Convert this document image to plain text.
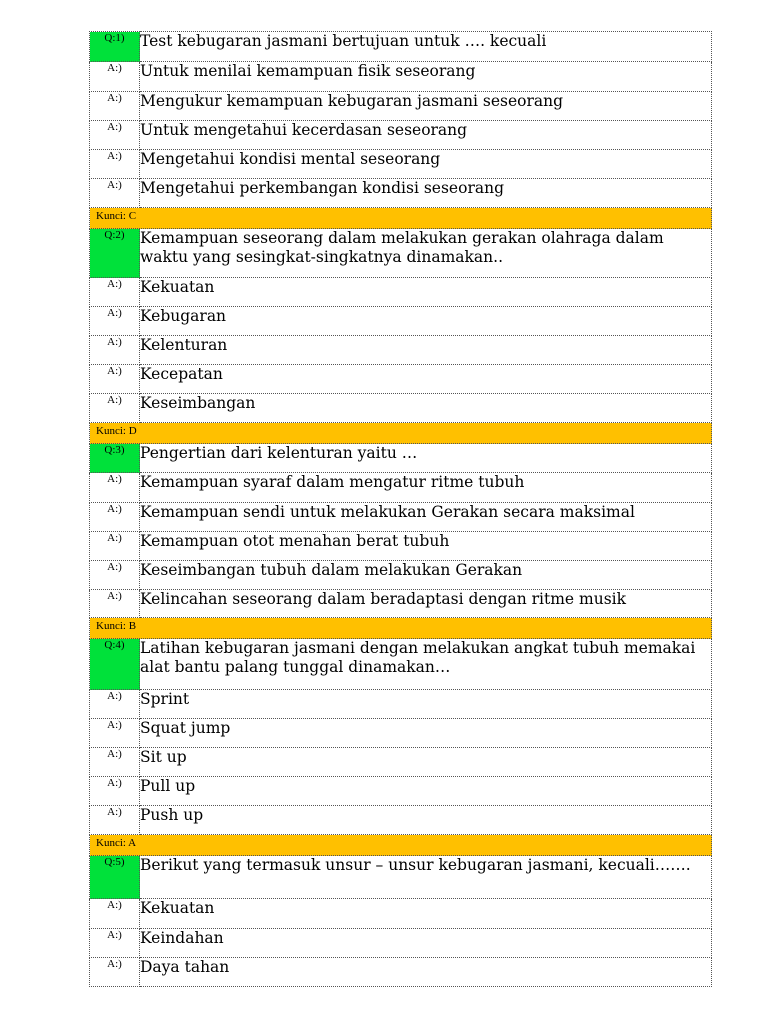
Q:1)	Test kebugaran jasmani bertujuan untuk …. kecuali
A:)	Untuk menilai kemampuan fisik seseorang
A:)	Mengukur kemampuan kebugaran jasmani seseorang
A:)	Untuk mengetahui kecerdasan seseorang
A:)	Mengetahui kondisi mental seseorang
A:)	Mengetahui perkembangan kondisi seseorang
Kunci: C	
Q:2)	Kemampuan seseorang dalam melakukan gerakan olahraga dalam waktu yang sesingkat-singkatnya dinamakan..
A:)	Kekuatan
A:)	Kebugaran
A:)	Kelenturan
A:)	Kecepatan
A:)	Keseimbangan
Kunci: D	
Q:3)	Pengertian dari kelenturan yaitu …
A:)	Kemampuan syaraf dalam mengatur ritme tubuh
A:)	Kemampuan sendi untuk melakukan Gerakan secara maksimal
A:)	Kemampuan otot menahan berat tubuh
A:)	Keseimbangan tubuh dalam melakukan Gerakan
A:)	Kelincahan seseorang dalam beradaptasi dengan ritme musik
Kunci: B	
Q:4)	Latihan kebugaran jasmani dengan melakukan angkat tubuh memakai alat bantu palang tunggal dinamakan…
A:)	Sprint
A:)	Squat jump
A:)	Sit up
A:)	Pull up
A:)	Push up
Kunci: A	
Q:5)	Berikut yang termasuk unsur – unsur kebugaran jasmani, kecuali…….
A:)	Kekuatan
A:)	Keindahan
A:)	Daya tahan
